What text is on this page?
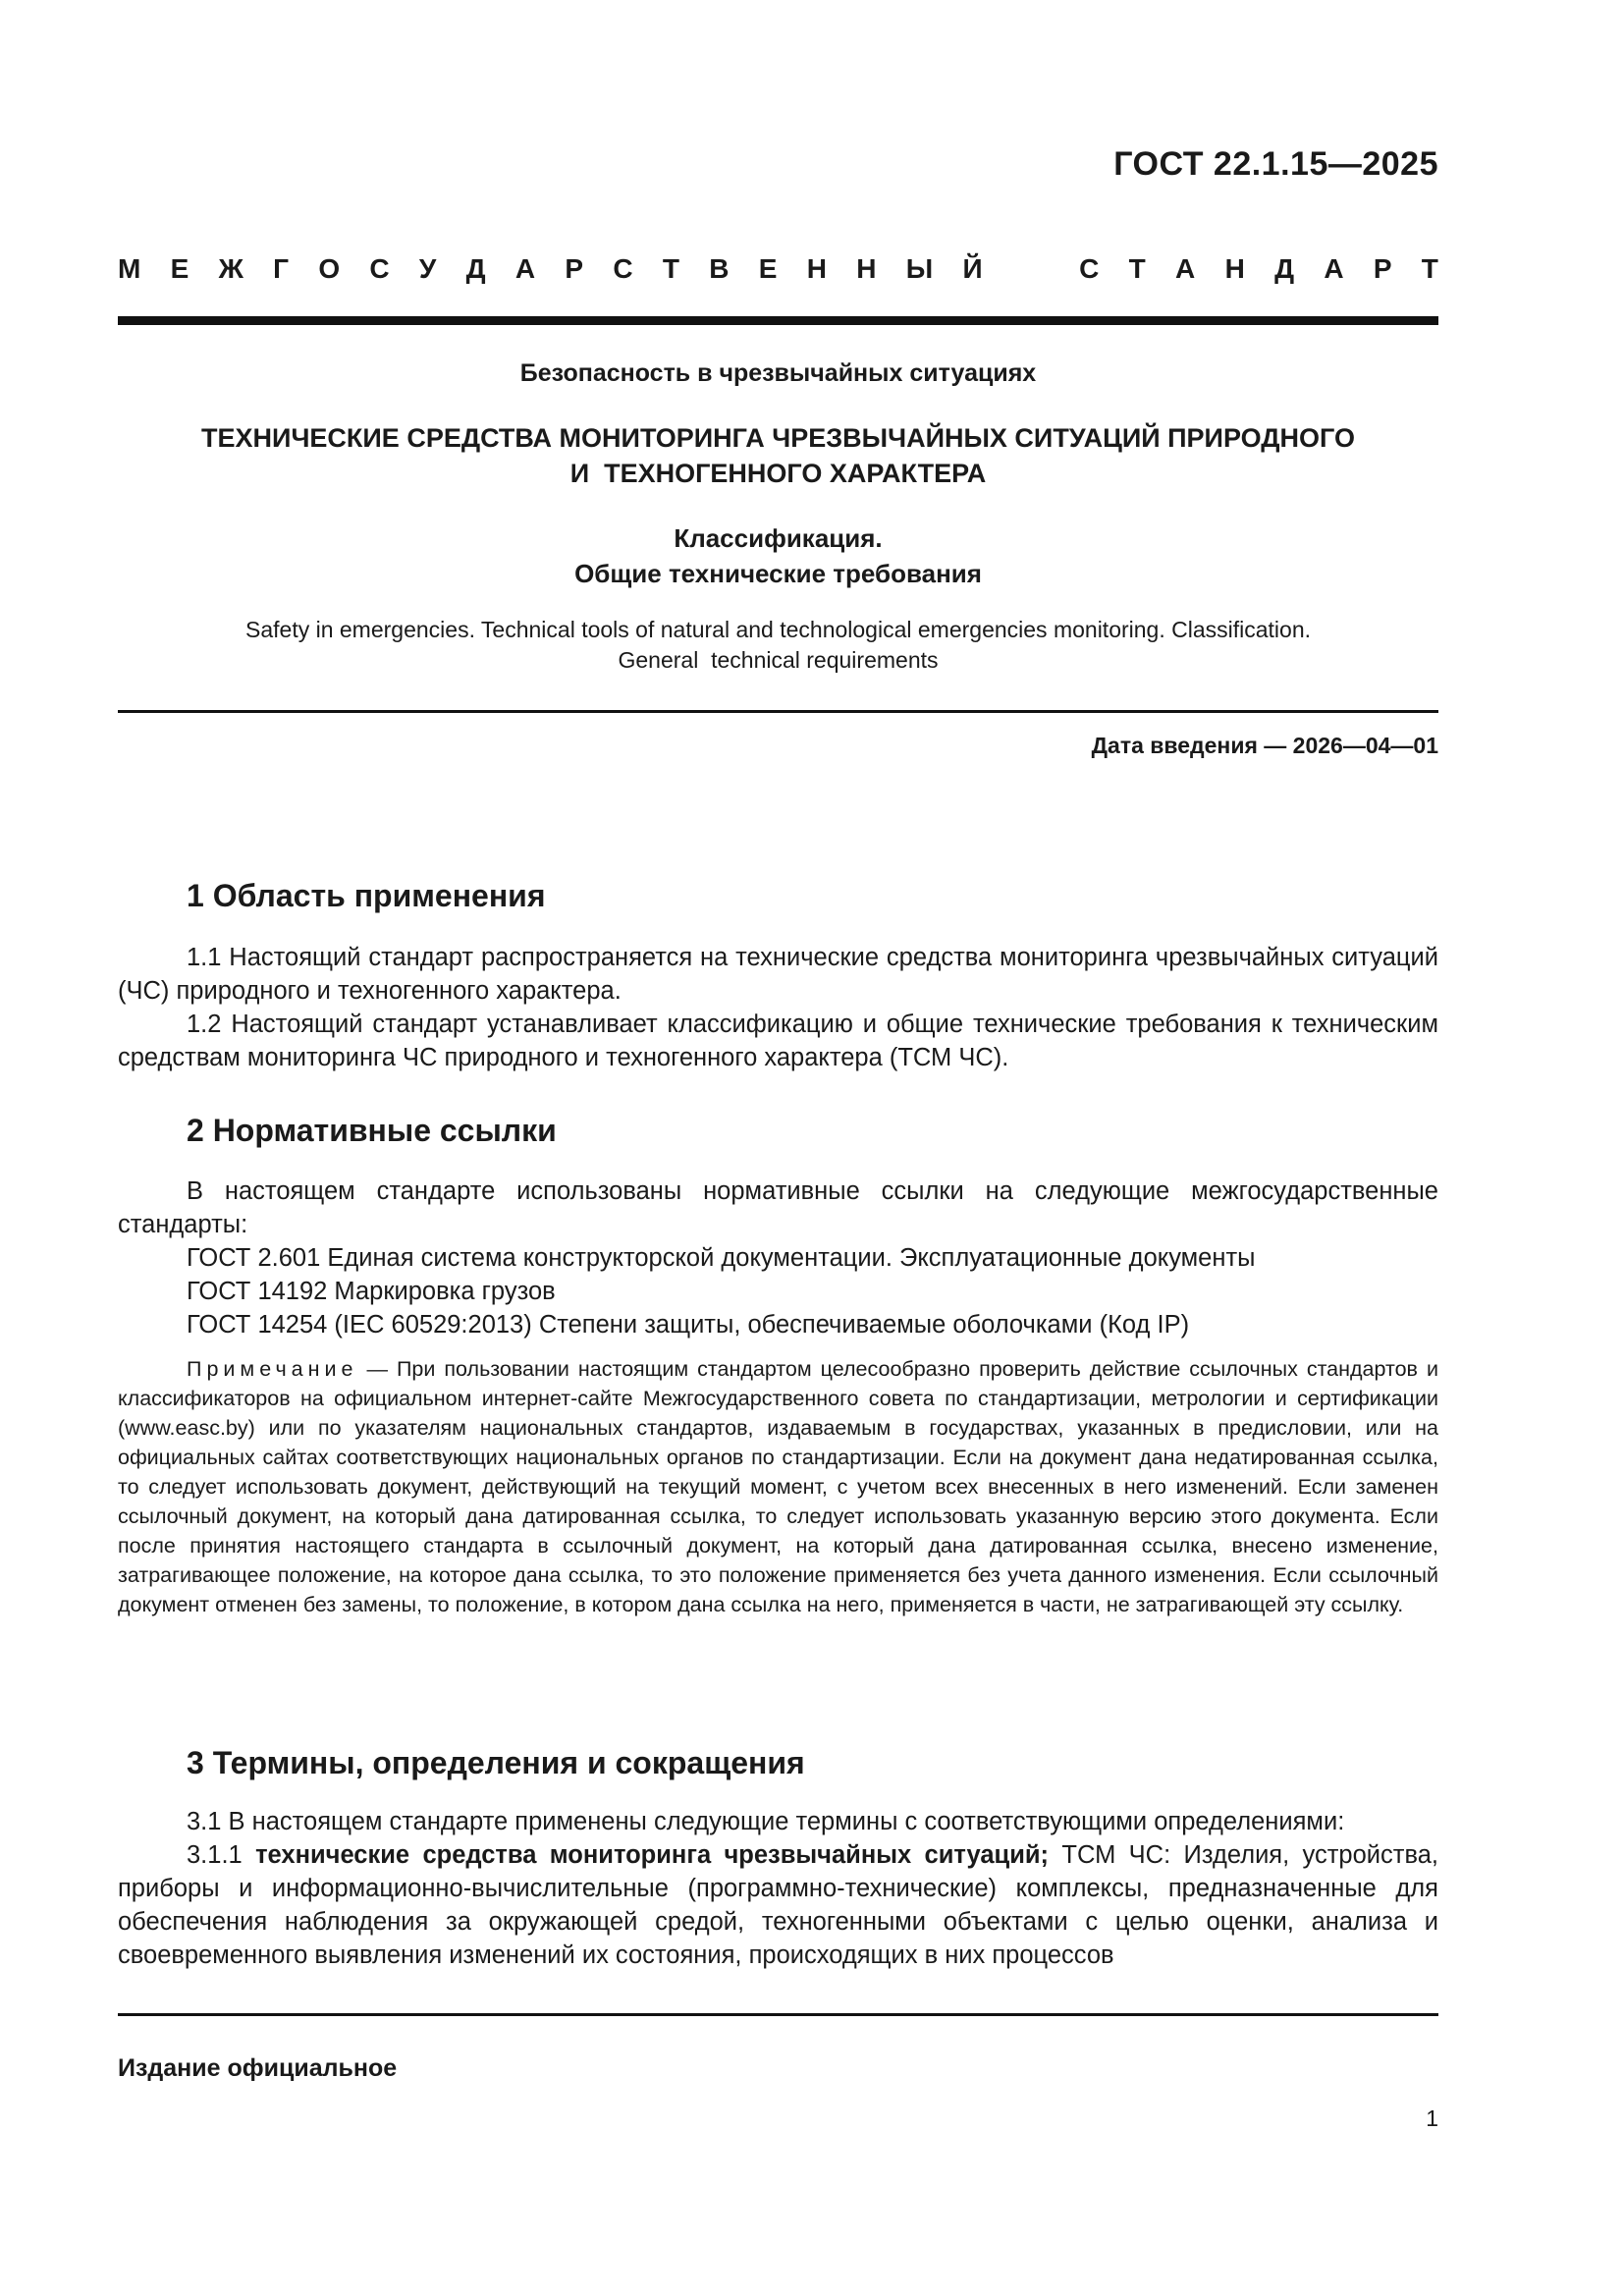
ГОСТ 22.1.15—2025
М Е Ж Г О С У Д А Р С Т В Е Н Н Ы Й	С Т А Н Д А Р Т
Безопасность в чрезвычайных ситуациях
ТЕХНИЧЕСКИЕ СРЕДСТВА МОНИТОРИНГА ЧРЕЗВЫЧАЙНЫХ СИТУАЦИЙ ПРИРОДНОГО
И  ТЕХНОГЕННОГО ХАРАКТЕРА
Классификация.
Общие технические требования
Safety in emergencies. Technical tools of natural and technological emergencies monitoring. Classification.
General  technical requirements
Дата введения — 2026—04—01
1 Область применения

1.1 Настоящий стандарт распространяется на технические средства мониторинга чрезвычайных ситуаций (ЧС) природного и техногенного характера.

1.2 Настоящий стандарт устанавливает классификацию и общие технические требования к техническим средствам мониторинга ЧС природного и техногенного характера (ТСМ ЧС).

2 Нормативные ссылки

В настоящем стандарте использованы нормативные ссылки на следующие межгосударственные стандарты:

ГОСТ 2.601 Единая система конструкторской документации. Эксплуатационные документы

ГОСТ 14192 Маркировка грузов

ГОСТ 14254 (IEC 60529:2013) Степени защиты, обеспечиваемые оболочками (Код IP)

Примечание — При пользовании настоящим стандартом целесообразно проверить действие ссылочных стандартов и классификаторов на официальном интернет-сайте Межгосударственного совета по стандартизации, метрологии и сертификации (www.easc.by) или по указателям национальных стандартов, издаваемым в государствах, указанных в предисловии, или на официальных сайтах соответствующих национальных органов по стандартизации. Если на документ дана недатированная ссылка, то следует использовать документ, действующий на текущий момент, с учетом всех внесенных в него изменений. Если заменен ссылочный документ, на который дана датированная ссылка, то следует использовать указанную версию этого документа. Если после принятия настоящего стандарта в ссылочный документ, на который дана датированная ссылка, внесено изменение, затрагивающее положение, на которое дана ссылка, то это положение применяется без учета данного изменения. Если ссылочный документ отменен без замены, то положение, в котором дана ссылка на него, применяется в части, не затрагивающей эту ссылку.

3 Термины, определения и сокращения

3.1 В настоящем стандарте применены следующие термины с соответствующими определениями:

3.1.1 технические средства мониторинга чрезвычайных ситуаций; ТСМ ЧС: Изделия, устройства, приборы и информационно-вычислительные (программно-технические) комплексы, предназначенные для обеспечения наблюдения за окружающей средой, техногенными объектами с целью оценки, анализа и своевременного выявления изменений их состояния, происходящих в них процессов

Издание официальное
1
